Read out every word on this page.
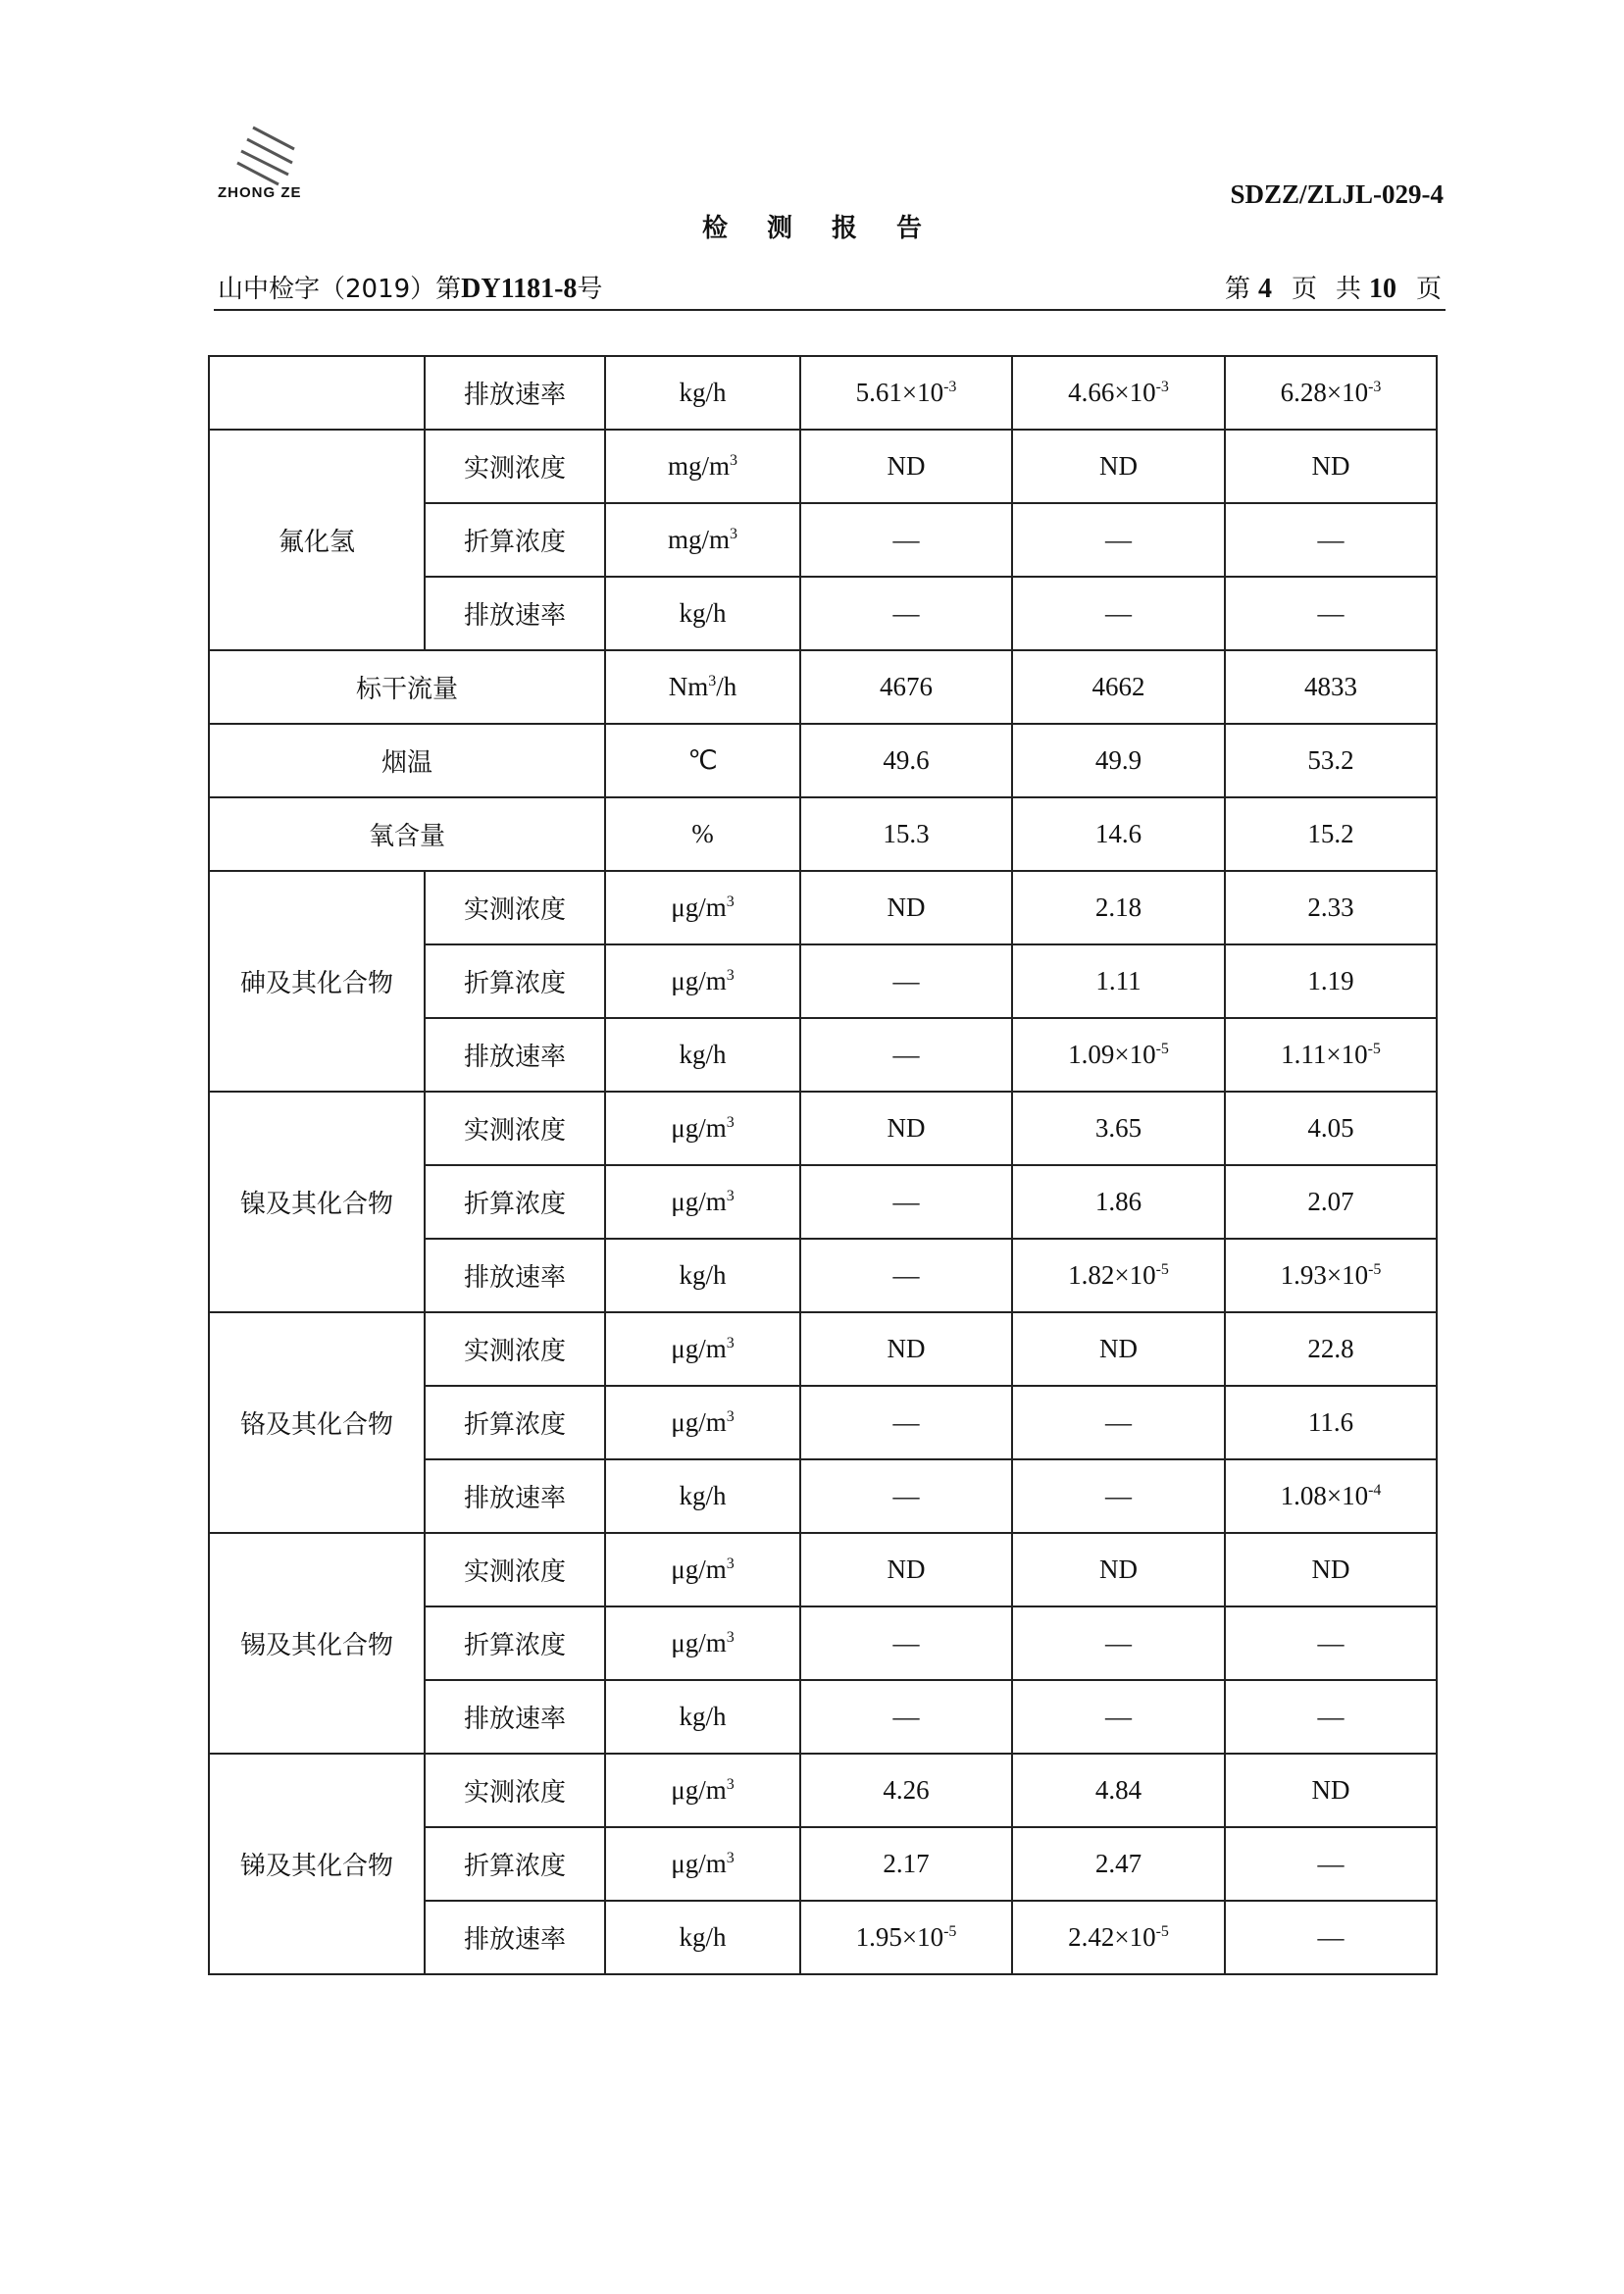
ZHONG ZE	SDZZ/ZLJL-029-4
检测报告
山中检字（2019）第DY1181-8号	第 4 页 共 10 页
	排放速率	kg/h	$5.61\times 10^{-3}$	$4.66\times 10^{-3}$	$6.28\times 10^{-3}$
氟化氢	实测浓度	$mg/m^3$	ND	ND	ND
	折算浓度	$mg/m^3$	—	—	—
	排放速率	kg/h	—	—	—
标干流量		Nm$^3$/h	4676	4662	4833
烟温		℃	49.6	49.9	53.2
氧含量		%	15.3	14.6	15.2
砷及其化合物	实测浓度	$\mu g/m^3$	ND	2.18	2.33
	折算浓度	$\mu g/m^3$	—	1.11	1.19
	排放速率	kg/h	—	$1.09\times 10^{-5}$	$1.11\times 10^{-5}$
镍及其化合物	实测浓度	$\mu g/m^3$	ND	3.65	4.05
	折算浓度	$\mu g/m^3$	—	1.86	2.07
	排放速率	kg/h	—	$1.82\times 10^{-5}$	$1.93\times 10^{-5}$
铬及其化合物	实测浓度	$\mu g/m^3$	ND	ND	22.8
	折算浓度	$\mu g/m^3$	—	—	11.6
	排放速率	kg/h	—	—	$1.08\times 10^{-4}$
锡及其化合物	实测浓度	$\mu g/m^3$	ND	ND	ND
	折算浓度	$\mu g/m^3$	—	—	—
	排放速率	kg/h	—	—	—
锑及其化合物	实测浓度	$\mu g/m^3$	4.26	4.84	ND
	折算浓度	$\mu g/m^3$	2.17	2.47	—
	排放速率	kg/h	$1.95\times 10^{-5}$	$2.42\times 10^{-5}$	—
